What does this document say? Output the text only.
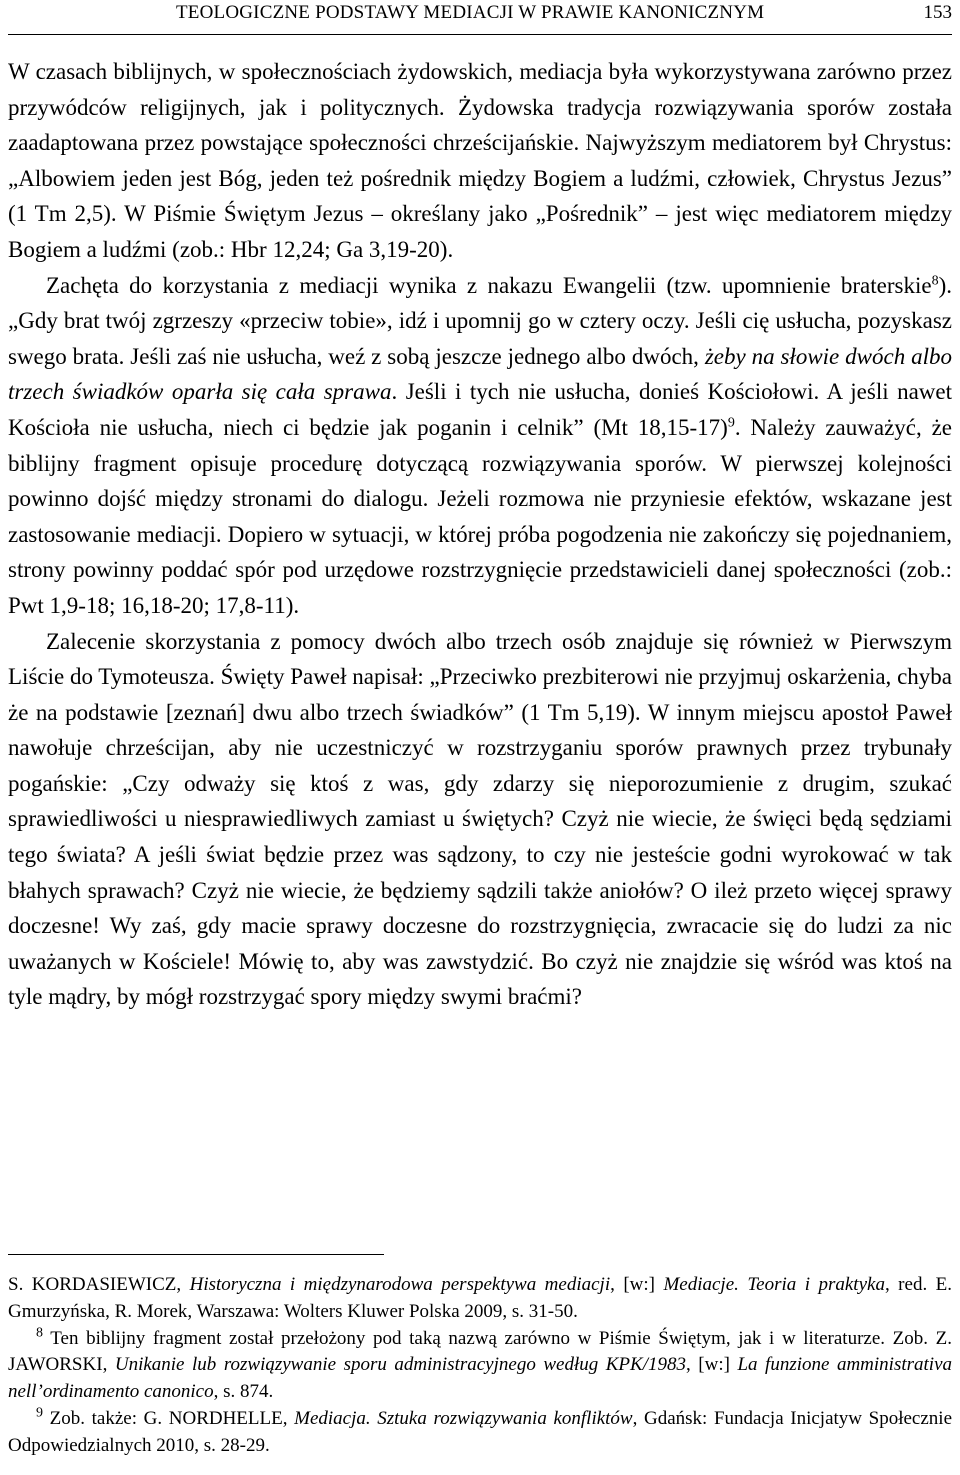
TEOLOGICZNE PODSTAWY MEDIACJI W PRAWIE KANONICZNYM	153

W czasach biblijnych, w społecznościach żydowskich, mediacja była wykorzystywana zarówno przez przywódców religijnych, jak i politycznych. Żydowska tradycja rozwiązywania sporów została zaadaptowana przez powstające społeczności chrześcijańskie. Najwyższym mediatorem był Chrystus: „Albowiem jeden jest Bóg, jeden też pośrednik między Bogiem a ludźmi, człowiek, Chrystus Jezus” (1 Tm 2,5). W Piśmie Świętym Jezus – określany jako „Pośrednik” – jest więc mediatorem między Bogiem a ludźmi (zob.: Hbr 12,24; Ga 3,19-20).

Zachęta do korzystania z mediacji wynika z nakazu Ewangelii (tzw. upomnienie braterskie$^8$). „Gdy brat twój zgrzeszy «przeciw tobie», idź i upomnij go w cztery oczy. Jeśli cię usłucha, pozyskasz swego brata. Jeśli zaś nie usłucha, weź z sobą jeszcze jednego albo dwóch, żeby na słowie dwóch albo trzech świadków oparła się cała sprawa. Jeśli i tych nie usłucha, donieś Kościołowi. A jeśli nawet Kościoła nie usłucha, niech ci będzie jak poganin i celnik” (Mt 18,15-17)$^9$. Należy zauważyć, że biblijny fragment opisuje procedurę dotyczącą rozwiązywania sporów. W pierwszej kolejności powinno dojść między stronami do dialogu. Jeżeli rozmowa nie przyniesie efektów, wskazane jest zastosowanie mediacji. Dopiero w sytuacji, w której próba pogodzenia nie zakończy się pojednaniem, strony powinny poddać spór pod urzędowe rozstrzygnięcie przedstawicieli danej społeczności (zob.: Pwt 1,9-18; 16,18-20; 17,8-11).

Zalecenie skorzystania z pomocy dwóch albo trzech osób znajduje się również w Pierwszym Liście do Tymoteusza. Święty Paweł napisał: „Przeciwko prezbiterowi nie przyjmuj oskarżenia, chyba że na podstawie [zeznań] dwu albo trzech świadków” (1 Tm 5,19). W innym miejscu apostoł Paweł nawołuje chrześcijan, aby nie uczestniczyć w rozstrzyganiu sporów prawnych przez trybunały pogańskie: „Czy odważy się ktoś z was, gdy zdarzy się nieporozumienie z drugim, szukać sprawiedliwości u niesprawiedliwych zamiast u świętych? Czyż nie wiecie, że święci będą sędziami tego świata? A jeśli świat będzie przez was sądzony, to czy nie jesteście godni wyrokować w tak błahych sprawach? Czyż nie wiecie, że będziemy sądzili także aniołów? O ileż przeto więcej sprawy doczesne! Wy zaś, gdy macie sprawy doczesne do rozstrzygnięcia, zwracacie się do ludzi za nic uważanych w Kościele! Mówię to, aby was zawstydzić. Bo czyż nie znajdzie się wśród was ktoś na tyle mądry, by mógł rozstrzygać spory między swymi braćmi?

S. KORDASIEWICZ, Historyczna i międzynarodowa perspektywa mediacji, [w:] Mediacje. Teoria i praktyka, red. E. Gmurzyńska, R. Morek, Warszawa: Wolters Kluwer Polska 2009, s. 31-50.

$^8$ Ten biblijny fragment został przełożony pod taką nazwą zarówno w Piśmie Świętym, jak i w literaturze. Zob. Z. JAWORSKI, Unikanie lub rozwiązywanie sporu administracyjnego według KPK/1983, [w:] La funzione amministrativa nell’ordinamento canonico, s. 874.

$^9$ Zob. także: G. NORDHELLE, Mediacja. Sztuka rozwiązywania konfliktów, Gdańsk: Fundacja Inicjatyw Społecznie Odpowiedzialnych 2010, s. 28-29.
